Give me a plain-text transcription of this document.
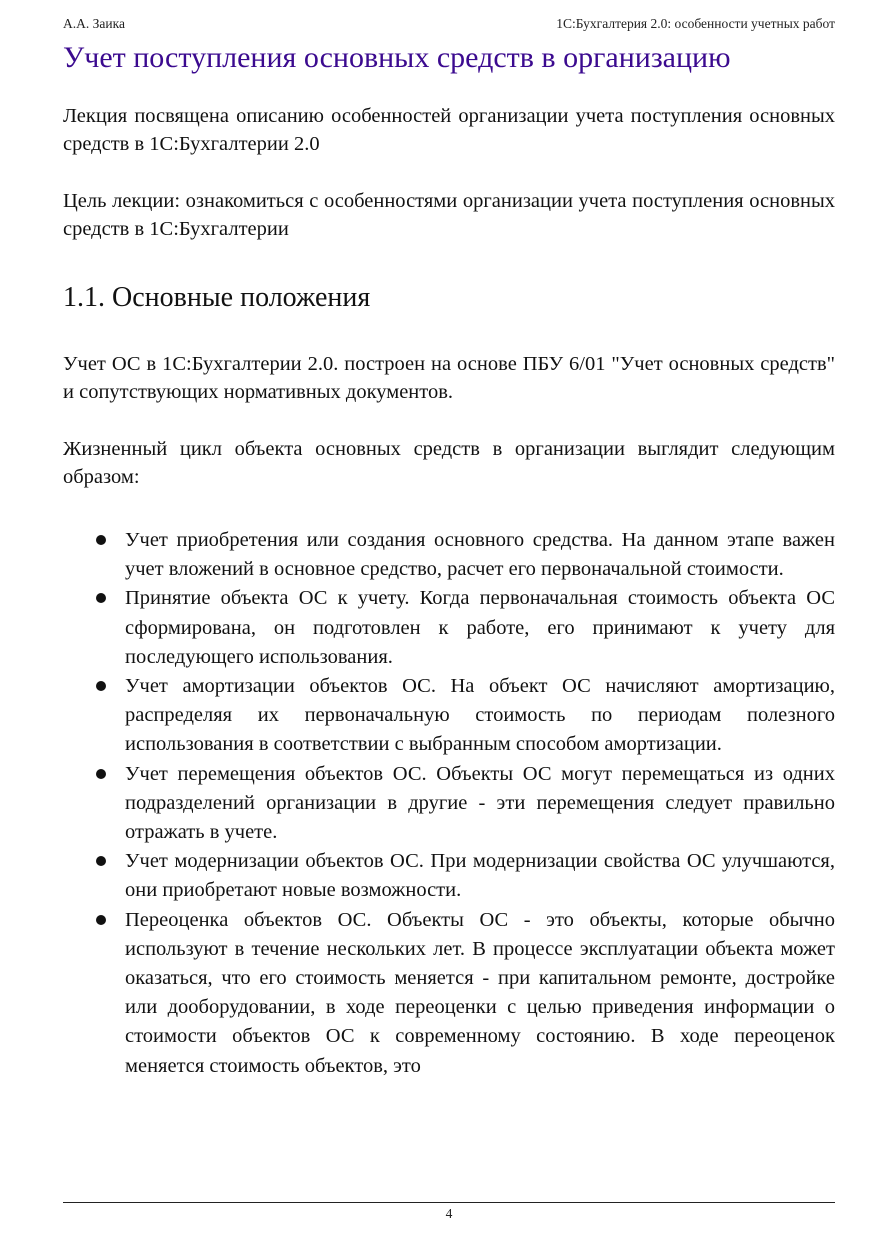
А.А. Заика	1С:Бухгалтерия 2.0: особенности учетных работ
Учет поступления основных средств в организацию

Лекция посвящена описанию особенностей организации учета поступления основных средств в 1С:Бухгалтерии 2.0

Цель лекции: ознакомиться с особенностями организации учета поступления основных средств в 1С:Бухгалтерии

1.1. Основные положения

Учет ОС в 1С:Бухгалтерии 2.0. построен на основе ПБУ 6/01 "Учет основных средств" и сопутствующих нормативных документов.

Жизненный цикл объекта основных средств в организации выглядит следующим образом:

Учет приобретения или создания основного средства. На данном этапе важен учет вложений в основное средство, расчет его первоначальной стоимости.
Принятие объекта ОС к учету. Когда первоначальная стоимость объекта ОС сформирована, он подготовлен к работе, его принимают к учету для последующего использования.
Учет амортизации объектов ОС. На объект ОС начисляют амортизацию, распределяя их первоначальную стоимость по периодам полезного использования в соответствии с выбранным способом амортизации.
Учет перемещения объектов ОС. Объекты ОС могут перемещаться из одних подразделений организации в другие - эти перемещения следует правильно отражать в учете.
Учет модернизации объектов ОС. При модернизации свойства ОС улучшаются, они приобретают новые возможности.
Переоценка объектов ОС. Объекты ОС - это объекты, которые обычно используют в течение нескольких лет. В процессе эксплуатации объекта может оказаться, что его стоимость меняется - при капитальном ремонте, достройке или дооборудовании, в ходе переоценки с целью приведения информации о стоимости объектов ОС к современному состоянию. В ходе переоценок меняется стоимость объектов, это
4
